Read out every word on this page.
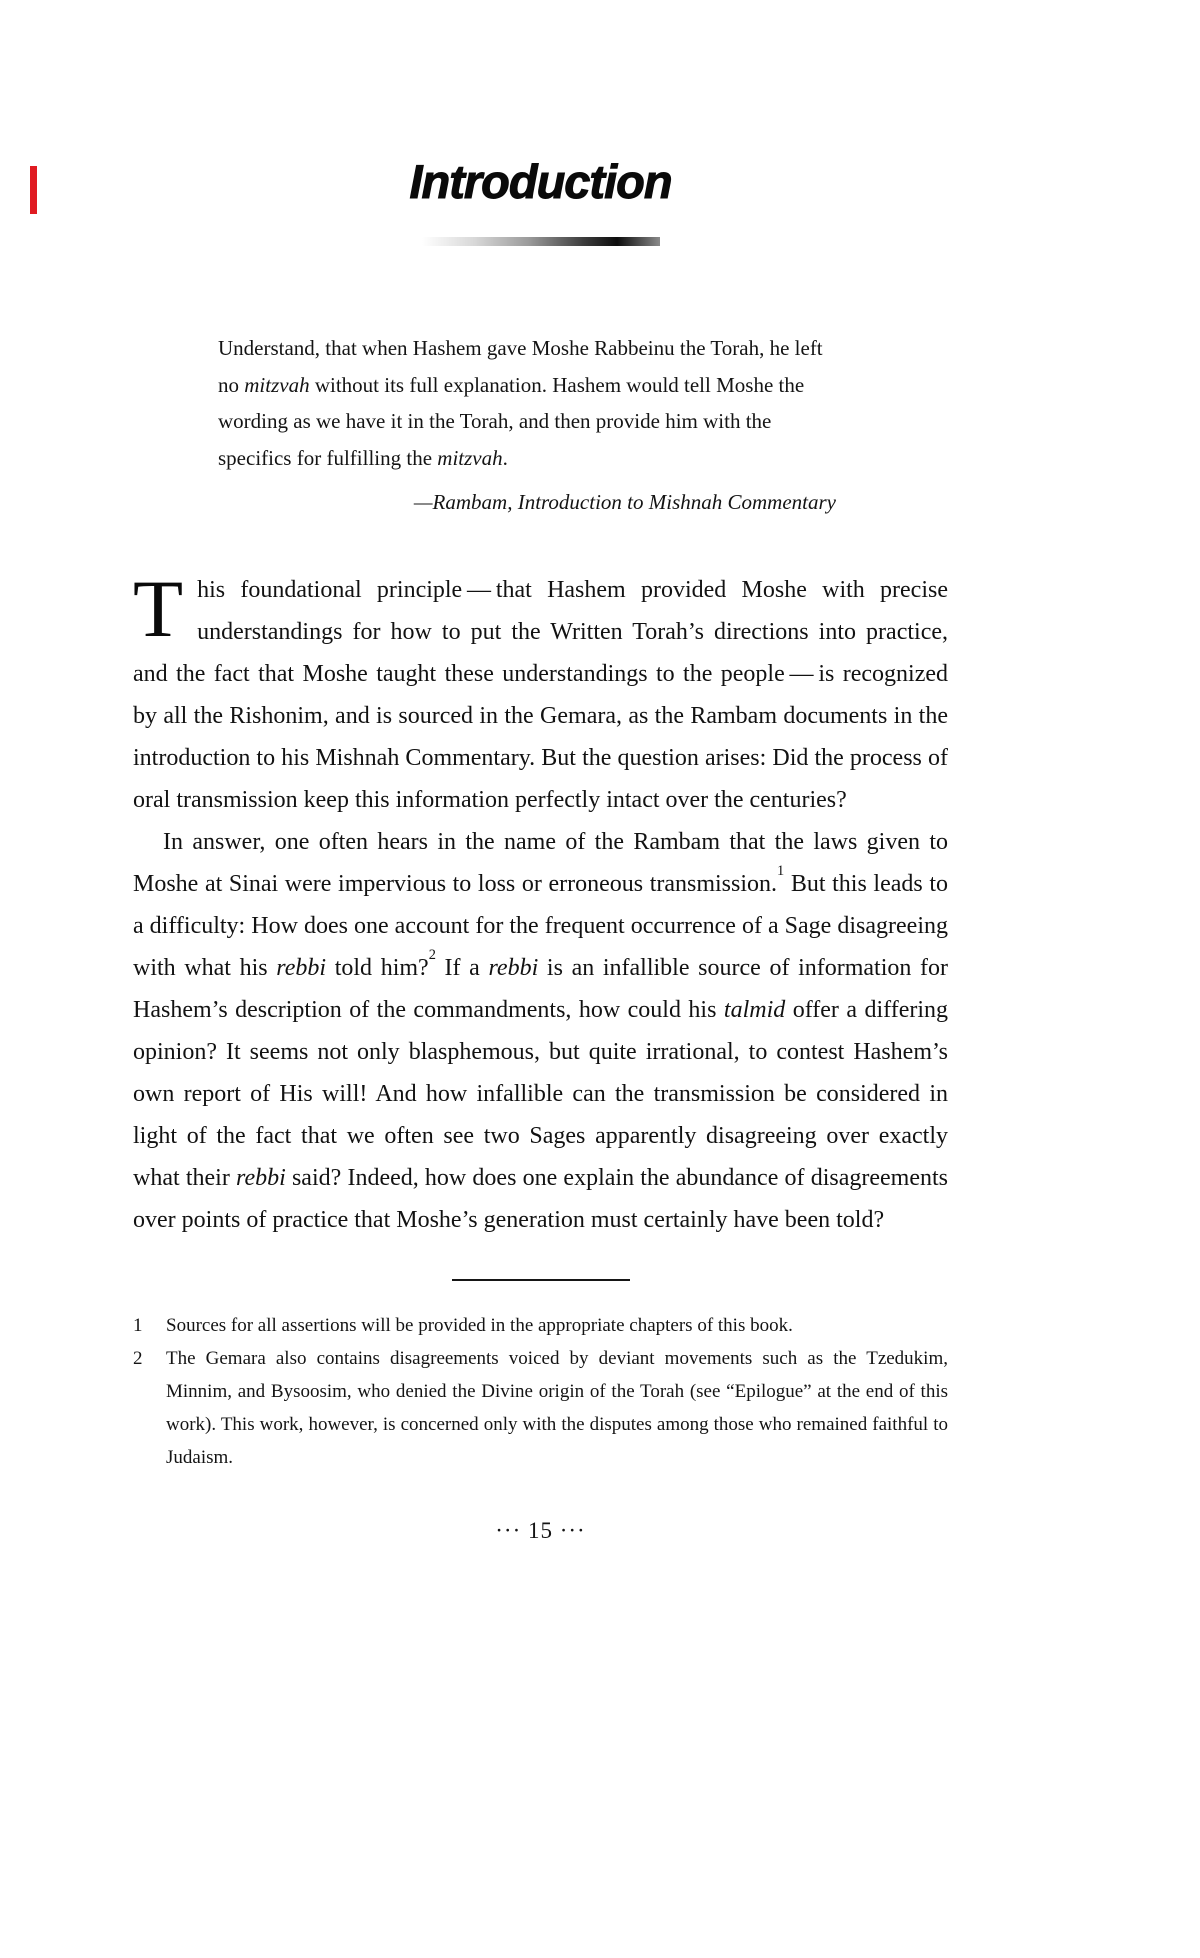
Introduction
Understand, that when Hashem gave Moshe Rabbeinu the Torah, he left no mitzvah without its full explanation. Hashem would tell Moshe the wording as we have it in the Torah, and then provide him with the specifics for fulfilling the mitzvah.
—Rambam, Introduction to Mishnah Commentary

This foundational principle — that Hashem provided Moshe with precise understandings for how to put the Written Torah’s directions into practice, and the fact that Moshe taught these understandings to the people — is recognized by all the Rishonim, and is sourced in the Gemara, as the Rambam documents in the introduction to his Mishnah Commentary. But the question arises: Did the process of oral transmission keep this information perfectly intact over the centuries?

In answer, one often hears in the name of the Rambam that the laws given to Moshe at Sinai were impervious to loss or erroneous transmission.$^1$ But this leads to a difficulty: How does one account for the frequent occurrence of a Sage disagreeing with what his rebbi told him?$^2$ If a rebbi is an infallible source of information for Hashem’s description of the commandments, how could his talmid offer a differing opinion? It seems not only blasphemous, but quite irrational, to contest Hashem’s own report of His will! And how infallible can the transmission be considered in light of the fact that we often see two Sages apparently disagreeing over exactly what their rebbi said? Indeed, how does one explain the abundance of disagreements over points of practice that Moshe’s generation must certainly have been told?

1	Sources for all assertions will be provided in the appropriate chapters of this book.
2	The Gemara also contains disagreements voiced by deviant movements such as the Tzedukim, Minnim, and Bysoosim, who denied the Divine origin of the Torah (see “Epilogue” at the end of this work). This work, however, is concerned only with the disputes among those who remained faithful to Judaism.
··· 15 ···
